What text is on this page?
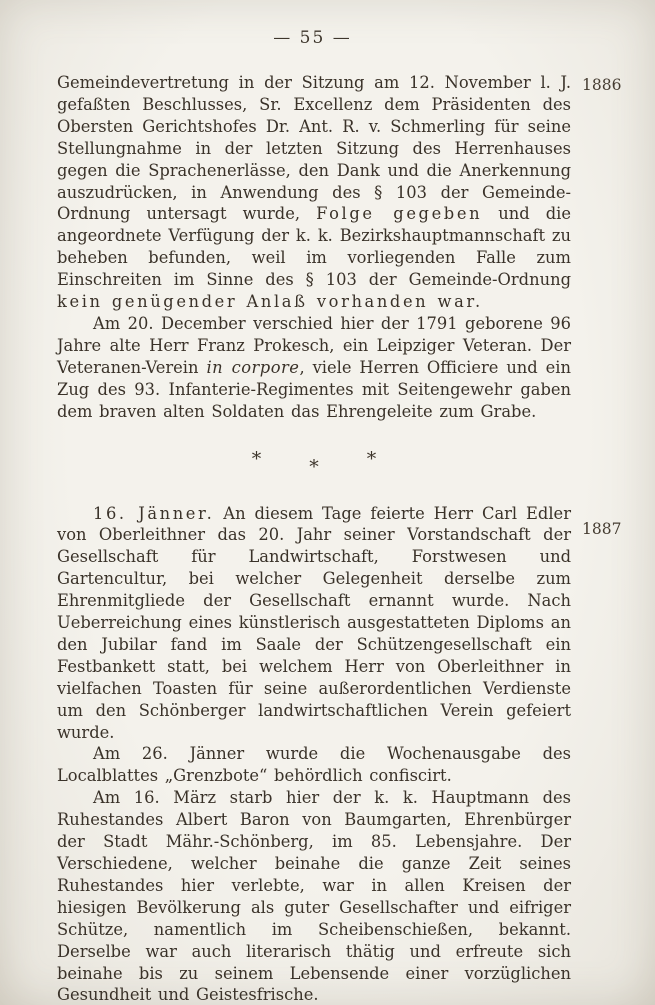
— 55 —
1886
1887

Gemeindevertretung in der Sitzung am 12. November l. J. gefaßten Beschlusses, Sr. Excellenz dem Präsidenten des Obersten Gerichtshofes Dr. Ant. R. v. Schmerling für seine Stellungnahme in der letzten Sitzung des Herrenhauses gegen die Sprachenerlässe, den Dank und die Anerkennung auszudrücken, in Anwendung des § 103 der Gemeinde-Ordnung untersagt wurde, Folge gegeben und die angeordnete Verfügung der k. k. Bezirkshauptmannschaft zu beheben befunden, weil im vorliegenden Falle zum Einschreiten im Sinne des § 103 der Gemeinde-Ordnung kein genügender Anlaß vorhanden war.

Am 20. December verschied hier der 1791 geborene 96 Jahre alte Herr Franz Prokesch, ein Leipziger Veteran. Der Veteranen-Verein in corpore, viele Herren Officiere und ein Zug des 93. Infanterie-Regimentes mit Seitengewehr gaben dem braven alten Soldaten das Ehrengeleite zum Grabe.

*	*	*

16. Jänner. An diesem Tage feierte Herr Carl Edler von Oberleithner das 20. Jahr seiner Vorstandschaft der Gesellschaft für Landwirtschaft, Forstwesen und Gartencultur, bei welcher Gelegenheit derselbe zum Ehrenmitgliede der Gesellschaft ernannt wurde. Nach Ueberreichung eines künstlerisch ausgestatteten Diploms an den Jubilar fand im Saale der Schützengesellschaft ein Festbankett statt, bei welchem Herr von Oberleithner in vielfachen Toasten für seine außerordentlichen Verdienste um den Schönberger landwirtschaftlichen Verein gefeiert wurde.

Am 26. Jänner wurde die Wochenausgabe des Localblattes „Grenzbote“ behördlich confiscirt.

Am 16. März starb hier der k. k. Hauptmann des Ruhestandes Albert Baron von Baumgarten, Ehrenbürger der Stadt Mähr.-Schönberg, im 85. Lebensjahre. Der Verschiedene, welcher beinahe die ganze Zeit seines Ruhestandes hier verlebte, war in allen Kreisen der hiesigen Bevölkerung als guter Gesellschafter und eifriger Schütze, namentlich im Scheibenschießen, bekannt. Derselbe war auch literarisch thätig und erfreute sich beinahe bis zu seinem Lebensende einer vorzüglichen Gesundheit und Geistesfrische.
